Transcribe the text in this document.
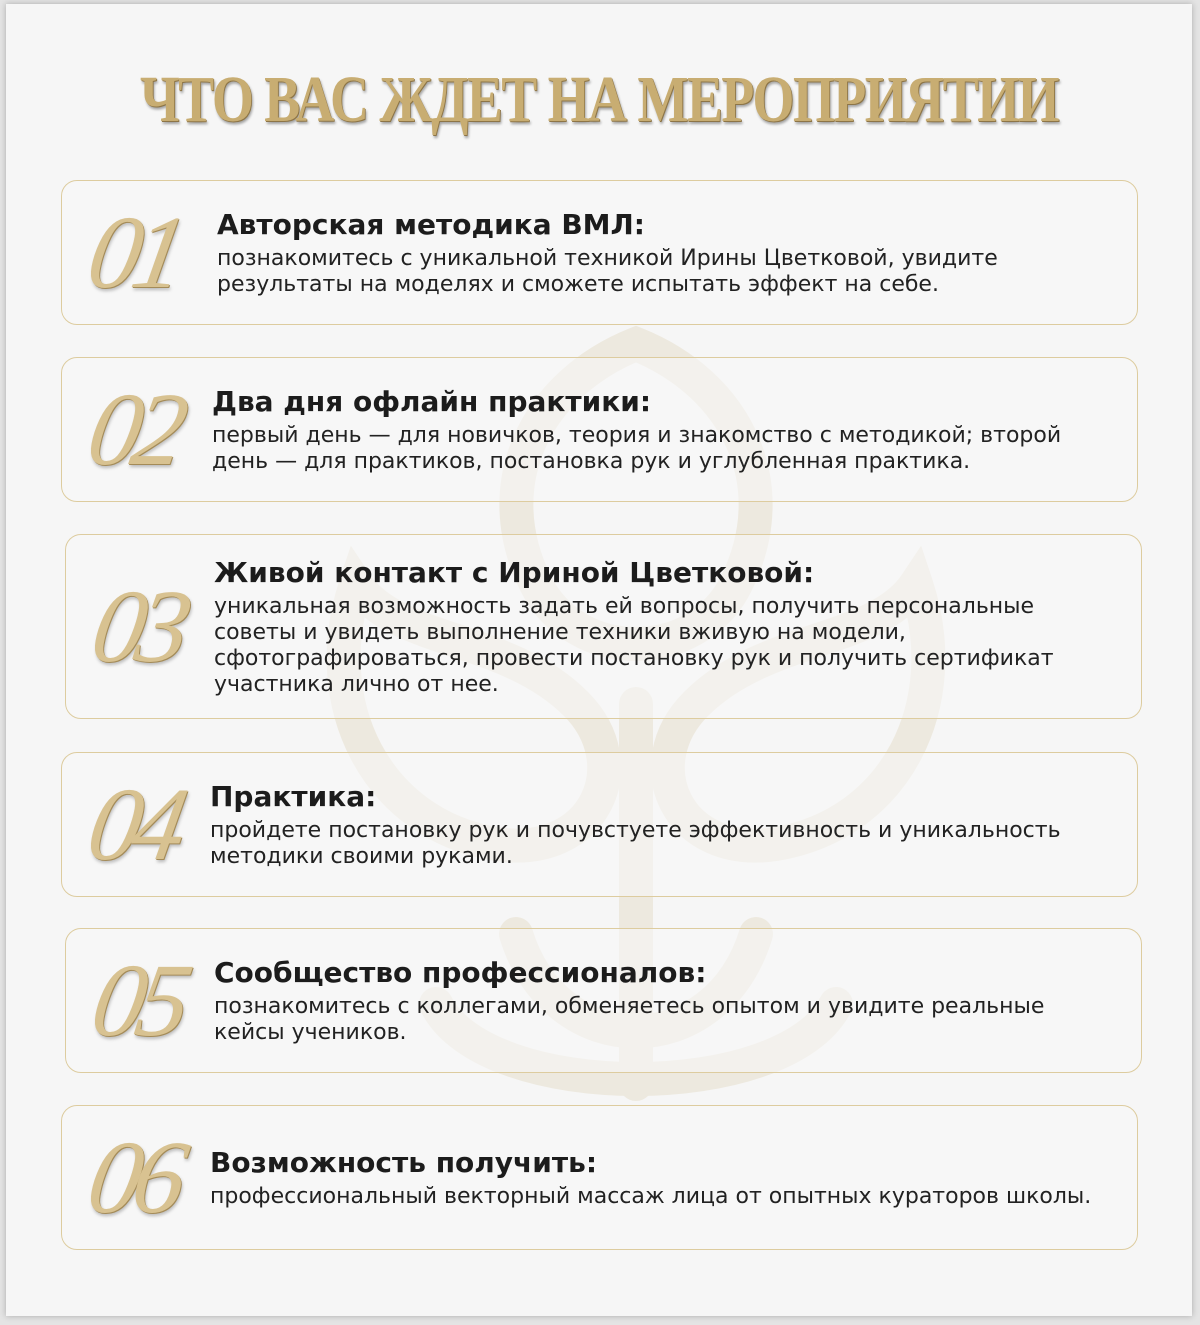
ЧТО ВАС ЖДЕТ НА МЕРОПРИЯТИИ
01 Авторская методика ВМЛ:
познакомитесь с уникальной техникой Ирины Цветковой, увидите результаты на моделях и сможете испытать эффект на себе.
02 Два дня офлайн практики:
первый день — для новичков, теория и знакомство с методикой; второй день — для практиков, постановка рук и углубленная практика.
03 Живой контакт с Ириной Цветковой:
уникальная возможность задать ей вопросы, получить персональные советы и увидеть выполнение техники вживую на модели, сфотографироваться, провести постановку рук и получить сертификат участника лично от нее.
04 Практика:
пройдете постановку рук и почувстуете эффективность и уникальность методики своими руками.
05 Сообщество профессионалов:
познакомитесь с коллегами, обменяетесь опытом и увидите реальные кейсы учеников.
06 Возможность получить:
профессиональный векторный массаж лица от опытных кураторов школы.
